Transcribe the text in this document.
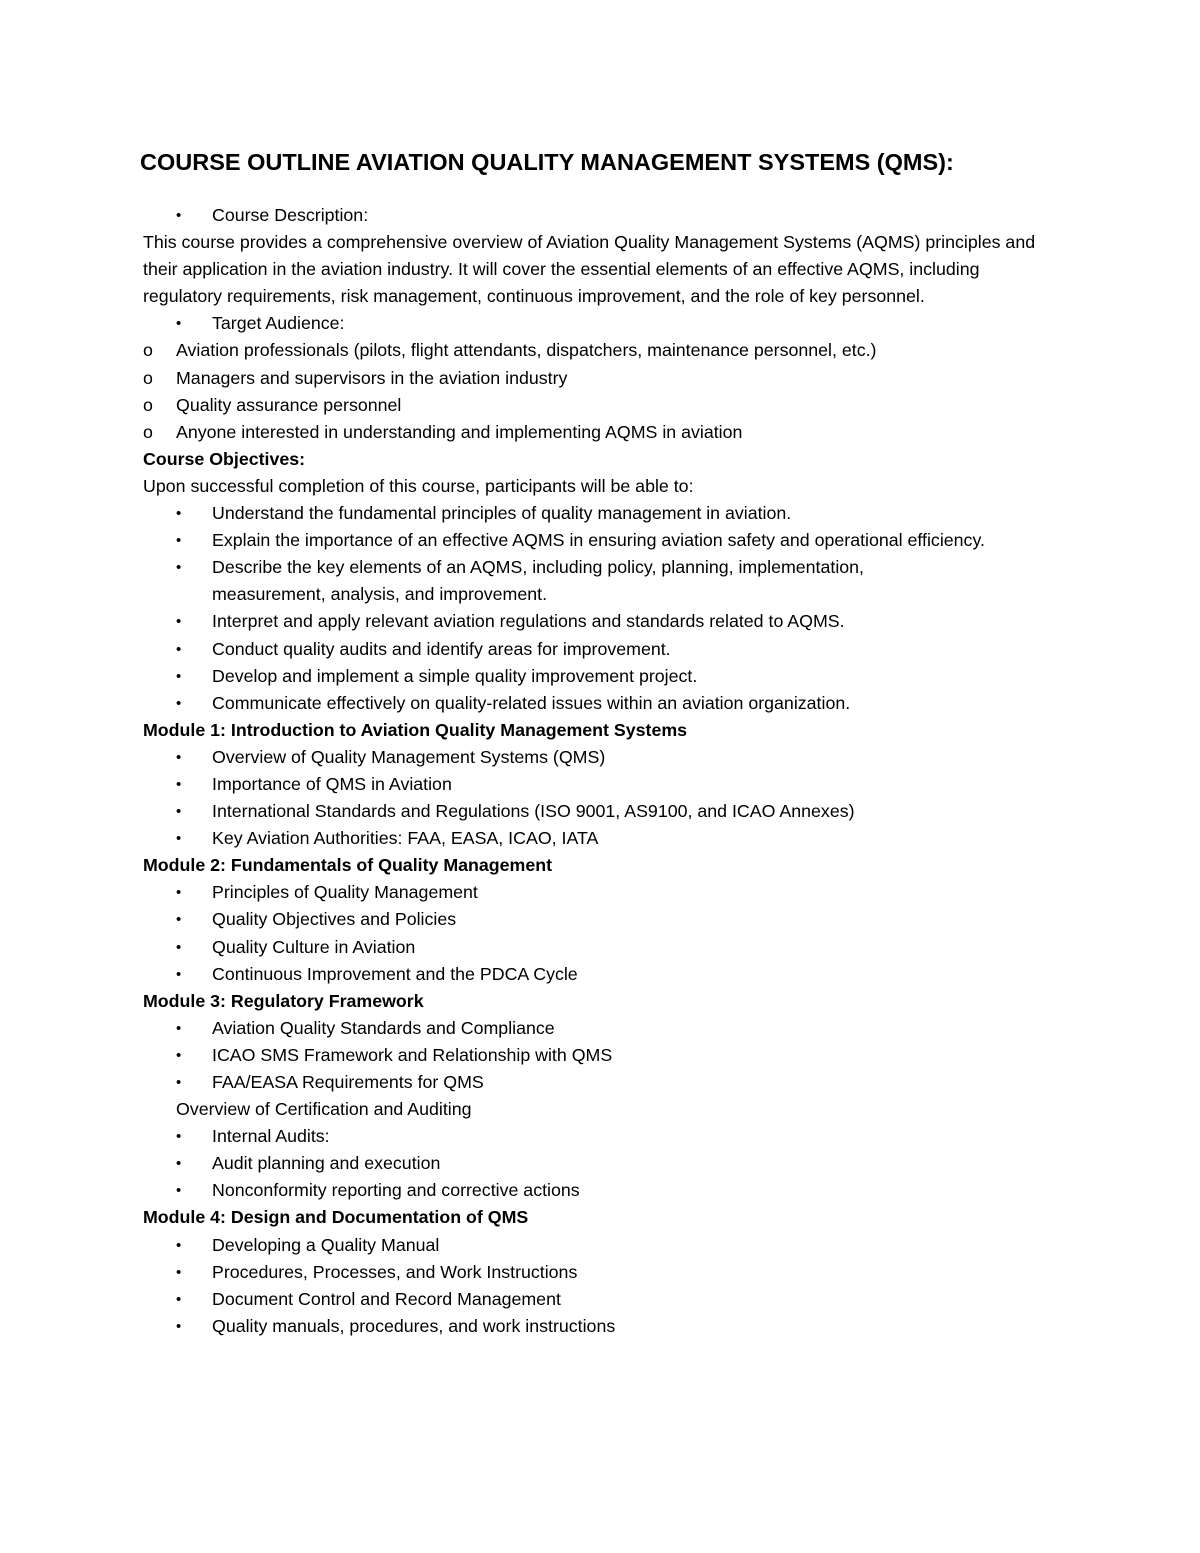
COURSE OUTLINE AVIATION QUALITY MANAGEMENT SYSTEMS (QMS):
• Course Description:

This course provides a comprehensive overview of Aviation Quality Management Systems (AQMS) principles and their application in the aviation industry. It will cover the essential elements of an effective AQMS, including regulatory requirements, risk management, continuous improvement, and the role of key personnel.

• Target Audience:
o Aviation professionals (pilots, flight attendants, dispatchers, maintenance personnel, etc.)
o Managers and supervisors in the aviation industry
o Quality assurance personnel
o Anyone interested in understanding and implementing AQMS in aviation
Course Objectives:
Upon successful completion of this course, participants will be able to:
• Understand the fundamental principles of quality management in aviation.
• Explain the importance of an effective AQMS in ensuring aviation safety and operational efficiency.
• Describe the key elements of an AQMS, including policy, planning, implementation, measurement, analysis, and improvement.
• Interpret and apply relevant aviation regulations and standards related to AQMS.
• Conduct quality audits and identify areas for improvement.
• Develop and implement a simple quality improvement project.
• Communicate effectively on quality-related issues within an aviation organization.
Module 1: Introduction to Aviation Quality Management Systems
• Overview of Quality Management Systems (QMS)
• Importance of QMS in Aviation
• International Standards and Regulations (ISO 9001, AS9100, and ICAO Annexes)
• Key Aviation Authorities: FAA, EASA, ICAO, IATA
Module 2: Fundamentals of Quality Management
• Principles of Quality Management
• Quality Objectives and Policies
• Quality Culture in Aviation
• Continuous Improvement and the PDCA Cycle
Module 3: Regulatory Framework
• Aviation Quality Standards and Compliance
• ICAO SMS Framework and Relationship with QMS
• FAA/EASA Requirements for QMS
Overview of Certification and Auditing
• Internal Audits:
• Audit planning and execution
• Nonconformity reporting and corrective actions
Module 4: Design and Documentation of QMS
• Developing a Quality Manual
• Procedures, Processes, and Work Instructions
• Document Control and Record Management
• Quality manuals, procedures, and work instructions
